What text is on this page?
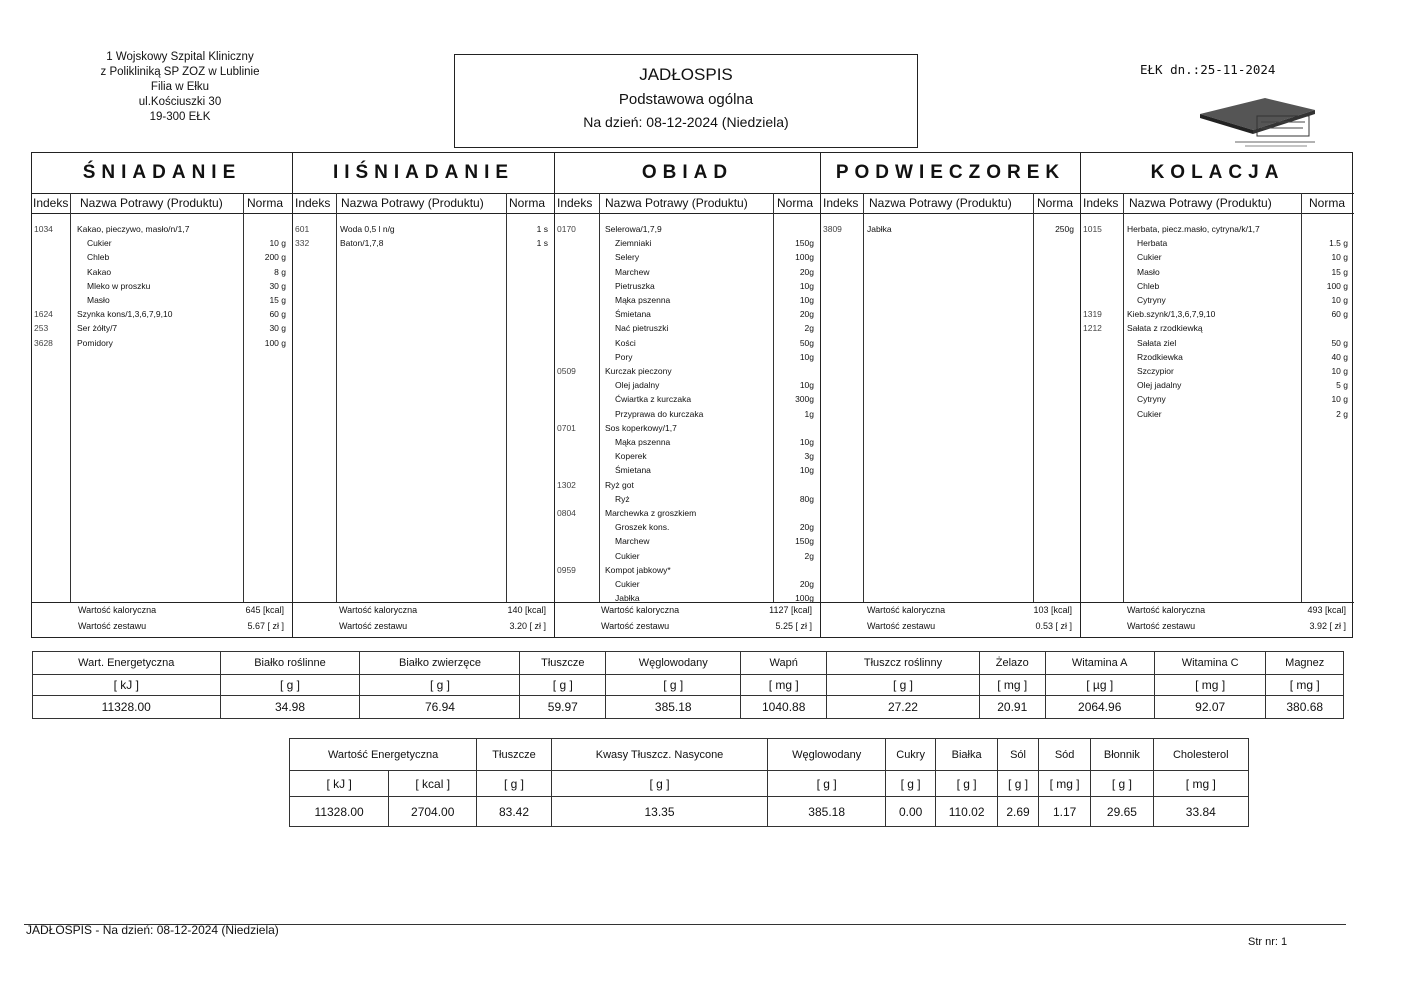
1 Wojskowy Szpital Kliniczny
z Polikliniką SP ZOZ w Lublinie
Filia w Ełku
ul.Kościuszki 30
19-300 EŁK
JADŁOSPIS
Podstawowa ogólna
Na dzień: 08-12-2024 (Niedziela)
EŁK dn.:25-11-2024
ŚNIADANIE
Indeks Nazwa Potrawy (Produktu) Norma
1034	Kakao, pieczywo, masło/n/1,7
Cukier	10 g
Chleb	200 g
Kakao	8 g
Mleko w proszku	30 g
Masło	15 g
1624	Szynka kons/1,3,6,7,9,10	60 g
253	Ser żółty/7	30 g
3628	Pomidory	100 g
Wartość kaloryczna	645 [kcal]
Wartość zestawu	5.67 [ zł ]
IIŚNIADANIE
Indeks Nazwa Potrawy (Produktu) Norma
601	Woda 0,5 l n/g	1 s
332	Baton/1,7,8	1 s
Wartość kaloryczna	140 [kcal]
Wartość zestawu	3.20 [ zł ]
OBIAD
Indeks Nazwa Potrawy (Produktu) Norma
0170	Selerowa/1,7,9
Ziemniaki	150g
Selery	100g
Marchew	20g
Pietruszka	10g
Mąka pszenna	10g
Śmietana	20g
Nać pietruszki	2g
Kości	50g
Pory	10g
0509	Kurczak pieczony
Olej jadalny	10g
Ćwiartka z kurczaka	300g
Przyprawa do kurczaka	1g
0701	Sos koperkowy/1,7
Mąka pszenna	10g
Koperek	3g
Śmietana	10g
1302	Ryż got
Ryż	80g
0804	Marchewka z groszkiem
Groszek kons.	20g
Marchew	150g
Cukier	2g
0959	Kompot jabkowy*
Cukier	20g
Jabłka	100g
Wartość kaloryczna	1127 [kcal]
Wartość zestawu	5.25 [ zł ]
PODWIECZOREK
Indeks Nazwa Potrawy (Produktu) Norma
3809	Jabłka	250g
Wartość kaloryczna	103 [kcal]
Wartość zestawu	0.53 [ zł ]
KOLACJA
Indeks Nazwa Potrawy (Produktu)	Norma
1015	Herbata, piecz.masło, cytryna/k/1,7
Herbata	1.5 g
Cukier	10 g
Masło	15 g
Chleb	100 g
Cytryny	10 g
1319	Kieb.szynk/1,3,6,7,9,10	60 g
1212	Sałata z rzodkiewką
Sałata ziel	50 g
Rzodkiewka	40 g
Szczypior	10 g
Olej jadalny	5 g
Cytryny	10 g
Cukier	2 g
Wartość kaloryczna	493 [kcal]
Wartość zestawu	3.92 [ zł ]
Wart. Energetyczna	Białko roślinne	Białko zwierzęce	Tłuszcze	Węglowodany	Wapń	Tłuszcz roślinny	Żelazo	Witamina A	Witamina C	Magnez
[ kJ ]	[ g ]	[ g ]	[ g ]	[ g ]	[ mg ]	[ g ]	[ mg ]	[ µg ]	[ mg ]	[ mg ]
11328.00	34.98	76.94	59.97	385.18	1040.88	27.22	20.91	2064.96	92.07	380.68
Wartość Energetyczna		Tłuszcze	Kwasy Tłuszcz. Nasycone	Węglowodany	Cukry	Białka	Sól	Sód	Błonnik	Cholesterol
[ kJ ]	[ kcal ]	[ g ]	[ g ]	[ g ]	[ g ]	[ g ]	[ g ]	[ mg ]	[ g ]	[ mg ]
11328.00	2704.00	83.42	13.35	385.18	0.00	110.02	2.69	1.17	29.65	33.84
JADŁOSPIS - Na dzień: 08-12-2024 (Niedziela)
Str nr: 1
